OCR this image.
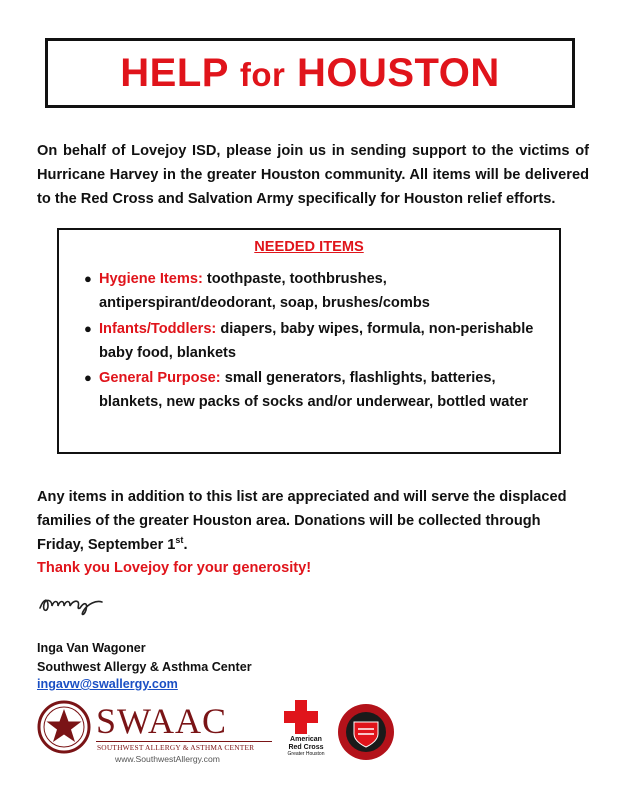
HELP for HOUSTON

On behalf of Lovejoy ISD, please join us in sending support to the victims of Hurricane Harvey in the greater Houston community. All items will be delivered to the Red Cross and Salvation Army specifically for Houston relief efforts.

NEEDED ITEMS
● Hygiene Items: toothpaste, toothbrushes, antiperspirant/deodorant, soap, brushes/combs
● Infants/Toddlers: diapers, baby wipes, formula, non-perishable baby food, blankets
● General Purpose: small generators, flashlights, batteries, blankets, new packs of socks and/or underwear, bottled water

Any items in addition to this list are appreciated and will serve the displaced families of the greater Houston area. Donations will be collected through Friday, September 1st.

Thank you Lovejoy for your generosity!
Inga Van Wagoner
Southwest Allergy & Asthma Center
ingavw@swallergy.com
SWAAC
SOUTHWEST ALLERGY & ASTHMA CENTER
www.SouthwestAllergy.com
American
Red Cross
Greater Houston
